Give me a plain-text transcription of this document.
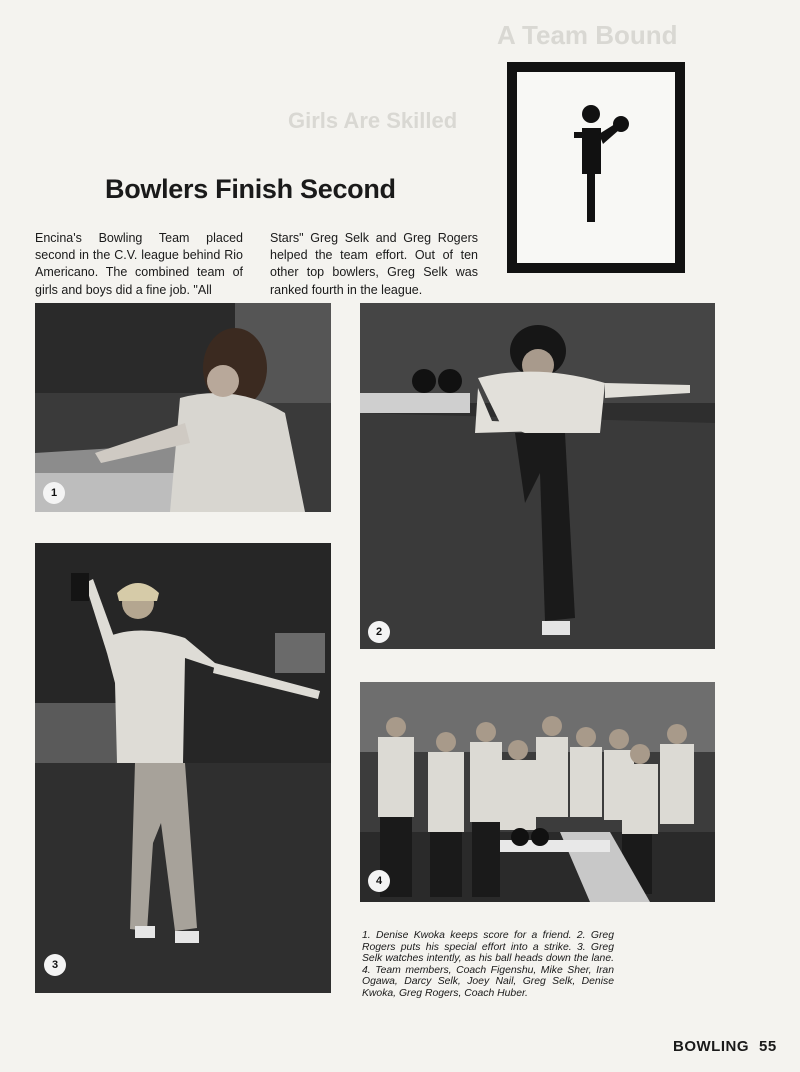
A Team Bound
Girls Are Skilled
Bowlers Finish Second

Encina's Bowling Team placed second in the C.V. league behind Rio Americano. The combined team of girls and boys did a fine job. "All

Stars" Greg Selk and Greg Rogers helped the team effort. Out of ten other top bowlers, Greg Selk was ranked fourth in the league.

1
2
3
4

1. Denise Kwoka keeps score for a friend. 2. Greg Rogers puts his special effort into a strike. 3. Greg Selk watches intently, as his ball heads down the lane. 4. Team members, Coach Figenshu, Mike Sher, Iran Ogawa, Darcy Selk, Joey Nail, Greg Selk, Denise Kwoka, Greg Rogers, Coach Huber.

BOWLING 55
